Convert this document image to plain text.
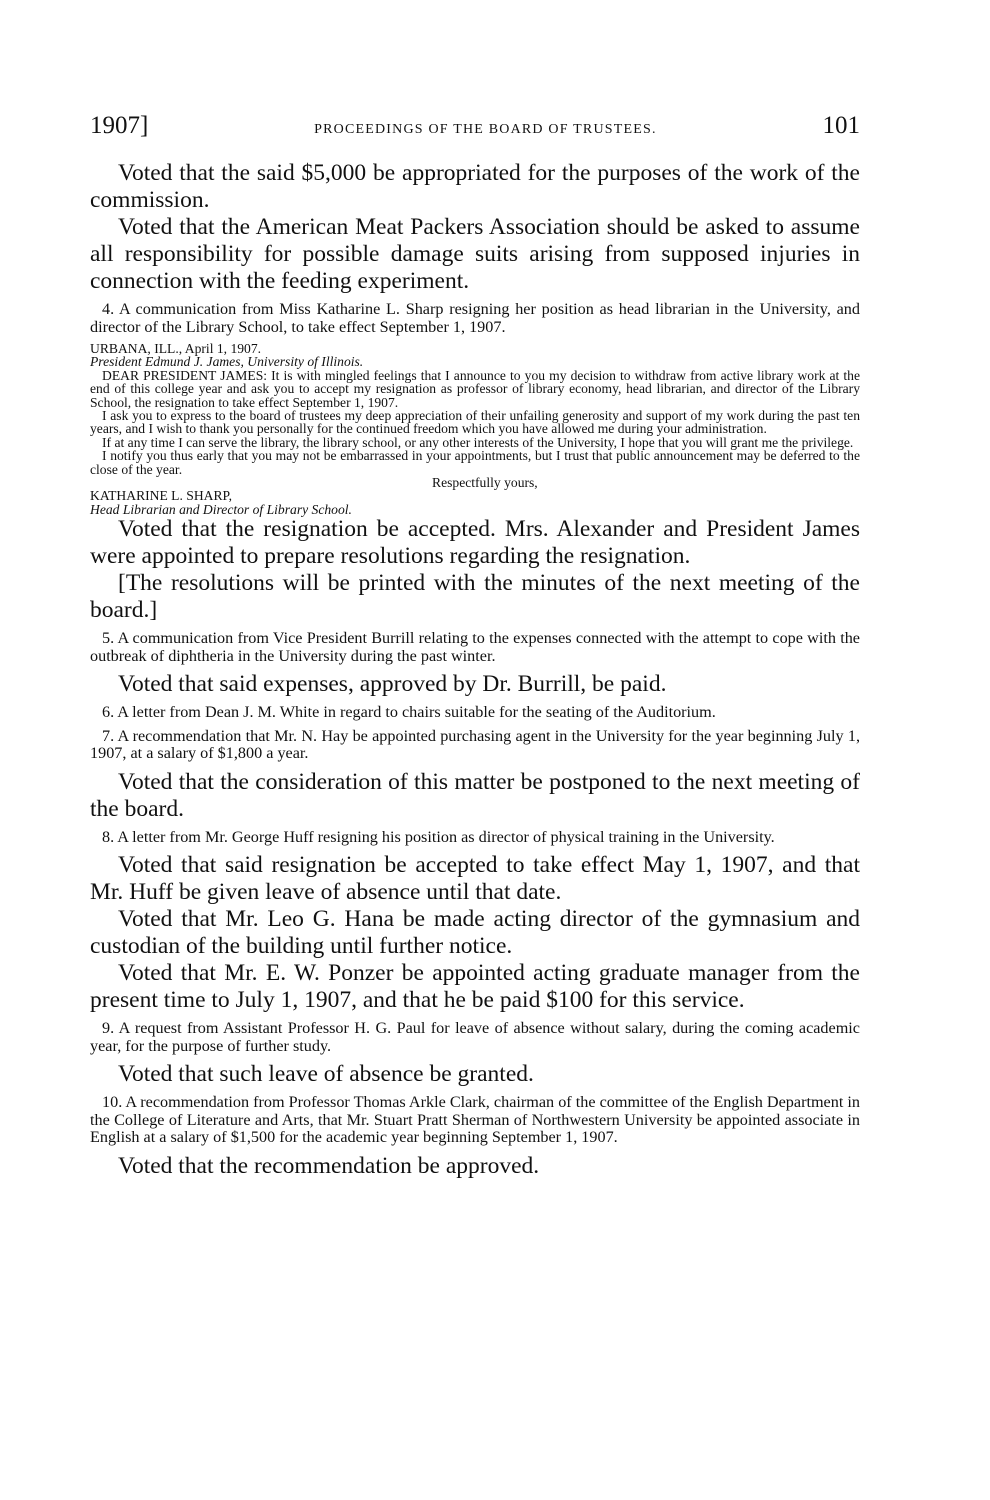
1907]	PROCEEDINGS OF THE BOARD OF TRUSTEES.	101

Voted that the said $5,000 be appropriated for the purposes of the work of the commission.

Voted that the American Meat Packers Association should be asked to assume all responsibility for possible damage suits arising from supposed injuries in connection with the feeding experiment.

4. A communication from Miss Katharine L. Sharp resigning her position as head librarian in the University, and director of the Library School, to take effect September 1, 1907.

URBANA, ILL., April 1, 1907.

President Edmund J. James, University of Illinois.

DEAR PRESIDENT JAMES: It is with mingled feelings that I announce to you my decision to withdraw from active library work at the end of this college year and ask you to accept my resignation as professor of library economy, head librarian, and director of the Library School, the resignation to take effect September 1, 1907.

I ask you to express to the board of trustees my deep appreciation of their unfailing generosity and support of my work during the past ten years, and I wish to thank you personally for the continued freedom which you have allowed me during your administration.

If at any time I can serve the library, the library school, or any other interests of the University, I hope that you will grant me the privilege.

I notify you thus early that you may not be embarrassed in your appointments, but I trust that public announcement may be deferred to the close of the year.

Respectfully yours,

KATHARINE L. SHARP,

Head Librarian and Director of Library School.

Voted that the resignation be accepted. Mrs. Alexander and President James were appointed to prepare resolutions regarding the resignation.

[The resolutions will be printed with the minutes of the next meeting of the board.]

5. A communication from Vice President Burrill relating to the expenses connected with the attempt to cope with the outbreak of diphtheria in the University during the past winter.

Voted that said expenses, approved by Dr. Burrill, be paid.

6. A letter from Dean J. M. White in regard to chairs suitable for the seating of the Auditorium.

7. A recommendation that Mr. N. Hay be appointed purchasing agent in the University for the year beginning July 1, 1907, at a salary of $1,800 a year.

Voted that the consideration of this matter be postponed to the next meeting of the board.

8. A letter from Mr. George Huff resigning his position as director of physical training in the University.

Voted that said resignation be accepted to take effect May 1, 1907, and that Mr. Huff be given leave of absence until that date.

Voted that Mr. Leo G. Hana be made acting director of the gymnasium and custodian of the building until further notice.

Voted that Mr. E. W. Ponzer be appointed acting graduate manager from the present time to July 1, 1907, and that he be paid $100 for this service.

9. A request from Assistant Professor H. G. Paul for leave of absence without salary, during the coming academic year, for the purpose of further study.

Voted that such leave of absence be granted.

10. A recommendation from Professor Thomas Arkle Clark, chairman of the committee of the English Department in the College of Literature and Arts, that Mr. Stuart Pratt Sherman of Northwestern University be appointed associate in English at a salary of $1,500 for the academic year beginning September 1, 1907.

Voted that the recommendation be approved.
